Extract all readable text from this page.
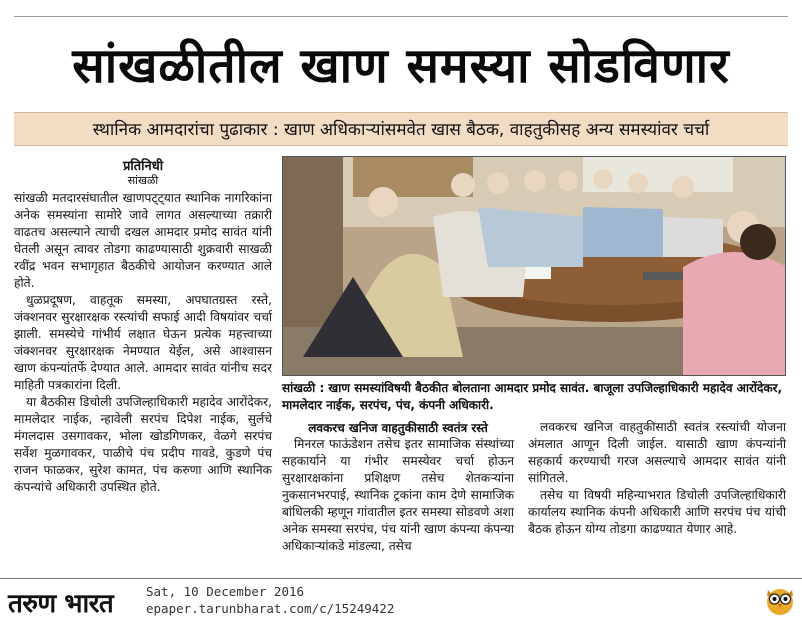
सांखळीतील खाण समस्या सोडविणार
स्थानिक आमदारांचा पुढाकार : खाण अधिकाऱ्यांसमवेत खास बैठक, वाहतुकीसह अन्य समस्यांवर चर्चा
प्रतिनिधी
सांखळी

सांखळी मतदारसंघातील खाणपट्ट्यात स्थानिक नागरिकांना अनेक समस्यांना सामोरे जावे लागत असल्याच्या तक्रारी वाढतच असल्याने त्याची दखल आमदार प्रमोद सावंत यांनी घेतली असून त्वावर तोडगा काढण्यासाठी शुक्रवारी साखळी रवींद्र भवन सभागृहात बैठकीचे आयोजन करण्यात आले होते.

धुळप्रदूषण, वाहतूक समस्या, अपघातग्रस्त रस्ते, जंक्शनवर सुरक्षारक्षक रस्त्यांची सफाई आदी विषयांवर चर्चा झाली. समस्येचे गांभीर्य लक्षात घेऊन प्रत्येक महत्त्वाच्या जंक्शनवर सुरक्षारक्षक नेमण्यात येईल, असे आश्वासन खाण कंपन्यांतर्फे देण्यात आले. आमदार सावंत यांनीच सदर माहिती पत्रकारांना दिली.

या बैठकीस डिचोली उपजिल्हाधिकारी महादेव आरोंदेकर, मामलेदार नाईक, न्हावेली सरपंच दिपेश नाईक, सुर्लचे मंगलदास उसगावकर, भोला खोडगिणकर, वेळगे सरपंच सर्वेश मुळगावकर, पाळीचे पंच प्रदीप गावडे, कुडणे पंच राजन फाळकर, सुरेश कामत, पंच करुणा आणि स्थानिक कंपन्यांचे अधिकारी उपस्थित होते.

सांखळी : खाण समस्यांविषयी बैठकीत बोलताना आमदार प्रमोद सावंत. बाजूला उपजिल्हाधिकारी महादेव आरोंदेकर, मामलेदार नाईक, सरपंच, पंच, कंपनी अधिकारी.
लवकरच खनिज वाहतुकीसाठी स्वतंत्र रस्ते

मिनरल फाऊंडेशन तसेच इतर सामाजिक संस्थांच्या सहकार्याने या गंभीर समस्येवर चर्चा होऊन सुरक्षारक्षकांना प्रशिक्षण तसेच शेतकऱ्यांना नुकसानभरपाई, स्थानिक ट्रकांना काम देणे सामाजिक बांधिलकी म्हणून गांवातील इतर समस्या सोडवणे अशा अनेक समस्या सरपंच, पंच यांनी खाण कंपन्या कंपन्या अधिकाऱ्यांकडे मांडल्या, तसेच

लवकरच खनिज वाहतुकीसाठी स्वतंत्र रस्त्यांची योजना अंमलात आणून दिली जाईल. यासाठी खाण कंपन्यांनी सहकार्य करण्याची गरज असल्याचे आमदार सावंत यांनी सांगितले.

तसेच या विषयी महिन्याभरात डिचोली उपजिल्हाधिकारी कार्यालय स्थानिक कंपनी अधिकारी आणि सरपंच पंच यांची बैठक होऊन योग्य तोडगा काढण्यात येणार आहे.

तरुण भारत	Sat, 10 December 2016
epaper.tarunbharat.com/c/15249422
